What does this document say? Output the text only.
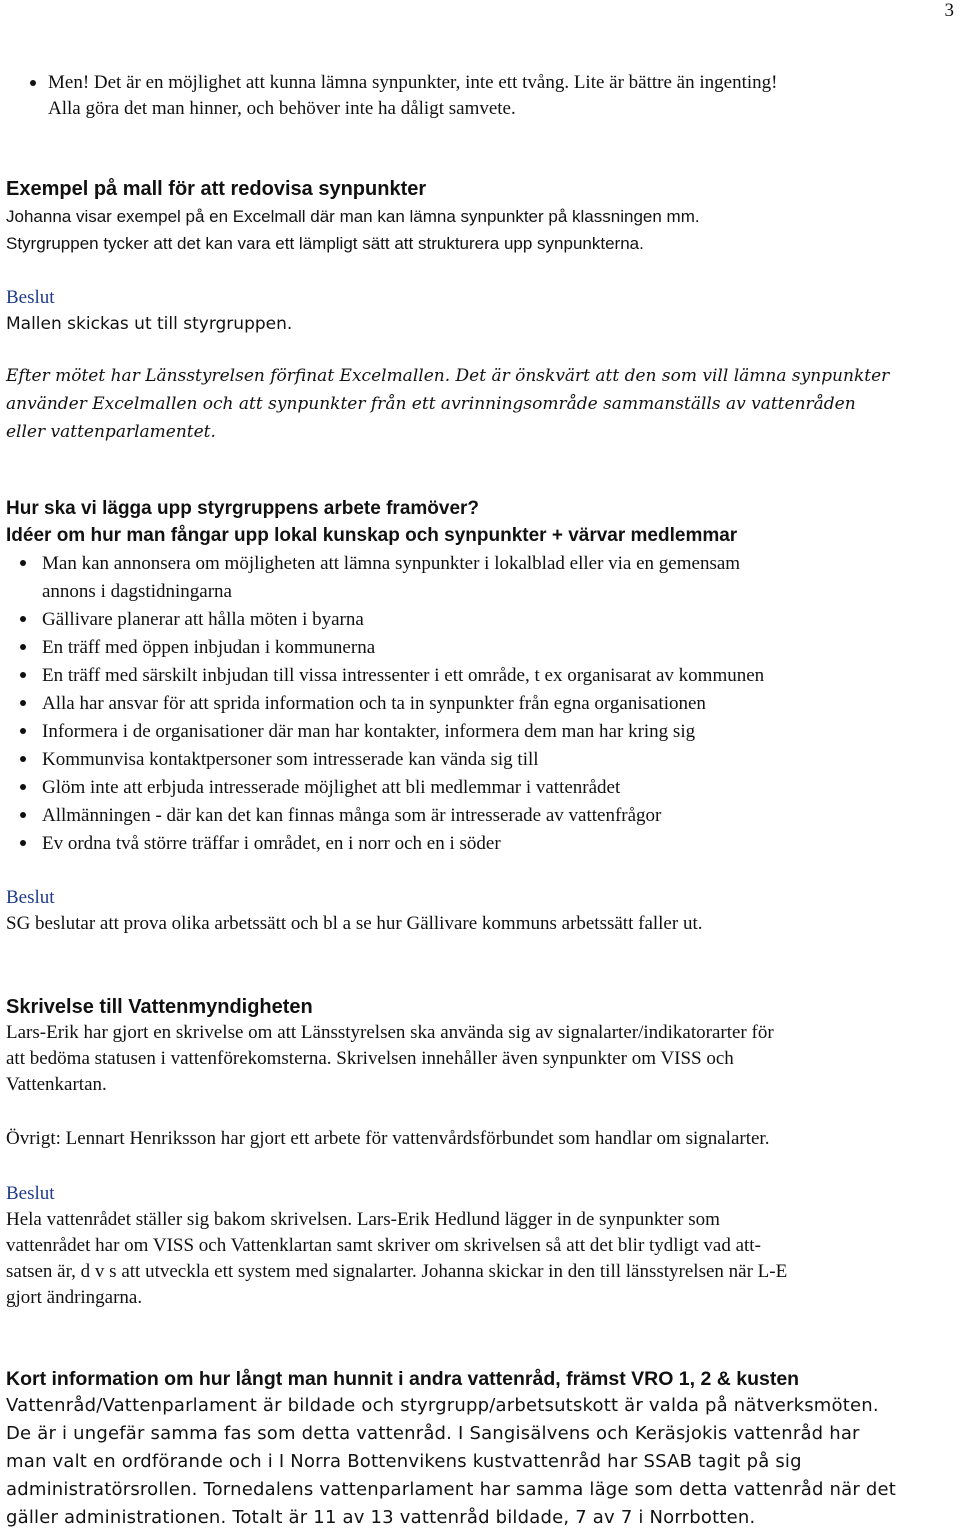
3
Men! Det är en möjlighet att kunna lämna synpunkter, inte ett tvång. Lite är bättre än ingenting!
Alla göra det man hinner, och behöver inte ha dåligt samvete.
Exempel på mall för att redovisa synpunkter
Johanna visar exempel på en Excelmall där man kan lämna synpunkter på klassningen mm.
Styrgruppen tycker att det kan vara ett lämpligt sätt att strukturera upp synpunkterna.
Beslut
Mallen skickas ut till styrgruppen.
Efter mötet har Länsstyrelsen förfinat Excelmallen. Det är önskvärt att den som vill lämna synpunkter
använder Excelmallen och att synpunkter från ett avrinningsområde sammanställs av vattenråden
eller vattenparlamentet.
Hur ska vi lägga upp styrgruppens arbete framöver?
Idéer om hur man fångar upp lokal kunskap och synpunkter + värvar medlemmar
Man kan annonsera om möjligheten att lämna synpunkter i lokalblad eller via en gemensam
annons i dagstidningarna
Gällivare planerar att hålla möten i byarna
En träff med öppen inbjudan i kommunerna
En träff med särskilt inbjudan till vissa intressenter i ett område, t ex organisarat av kommunen
Alla har ansvar för att sprida information och ta in synpunkter från egna organisationen
Informera i de organisationer där man har kontakter, informera dem man har kring sig
Kommunvisa kontaktpersoner som intresserade kan vända sig till
Glöm inte att erbjuda intresserade möjlighet att bli medlemmar i vattenrådet
Allmänningen - där kan det kan finnas många som är intresserade av vattenfrågor
Ev ordna två större träffar i området, en i norr och en i söder
Beslut
SG beslutar att prova olika arbetssätt och bl a se hur Gällivare kommuns arbetssätt faller ut.
Skrivelse till Vattenmyndigheten
Lars-Erik har gjort en skrivelse om att Länsstyrelsen ska använda sig av signalarter/indikatorarter för
att bedöma statusen i vattenförekomsterna. Skrivelsen innehåller även synpunkter om VISS och
Vattenkartan.
Övrigt: Lennart Henriksson har gjort ett arbete för vattenvårdsförbundet som handlar om signalarter.
Beslut
Hela vattenrådet ställer sig bakom skrivelsen. Lars-Erik Hedlund lägger in de synpunkter som
vattenrådet har om VISS och Vattenklartan samt skriver om skrivelsen så att det blir tydligt vad att-
satsen är, d v s att utveckla ett system med signalarter. Johanna skickar in den till länsstyrelsen när L-E
gjort ändringarna.
Kort information om hur långt man hunnit i andra vattenråd, främst VRO 1, 2 & kusten
Vattenråd/Vattenparlament är bildade och styrgrupp/arbetsutskott är valda på nätverksmöten.
De är i ungefär samma fas som detta vattenråd. I Sangisälvens och Keräsjokis vattenråd har
man valt en ordförande och i I Norra Bottenvikens kustvattenråd har SSAB tagit på sig
administratörsrollen. Tornedalens vattenparlament har samma läge som detta vattenråd när det
gäller administrationen. Totalt är 11 av 13 vattenråd bildade, 7 av 7 i Norrbotten.
